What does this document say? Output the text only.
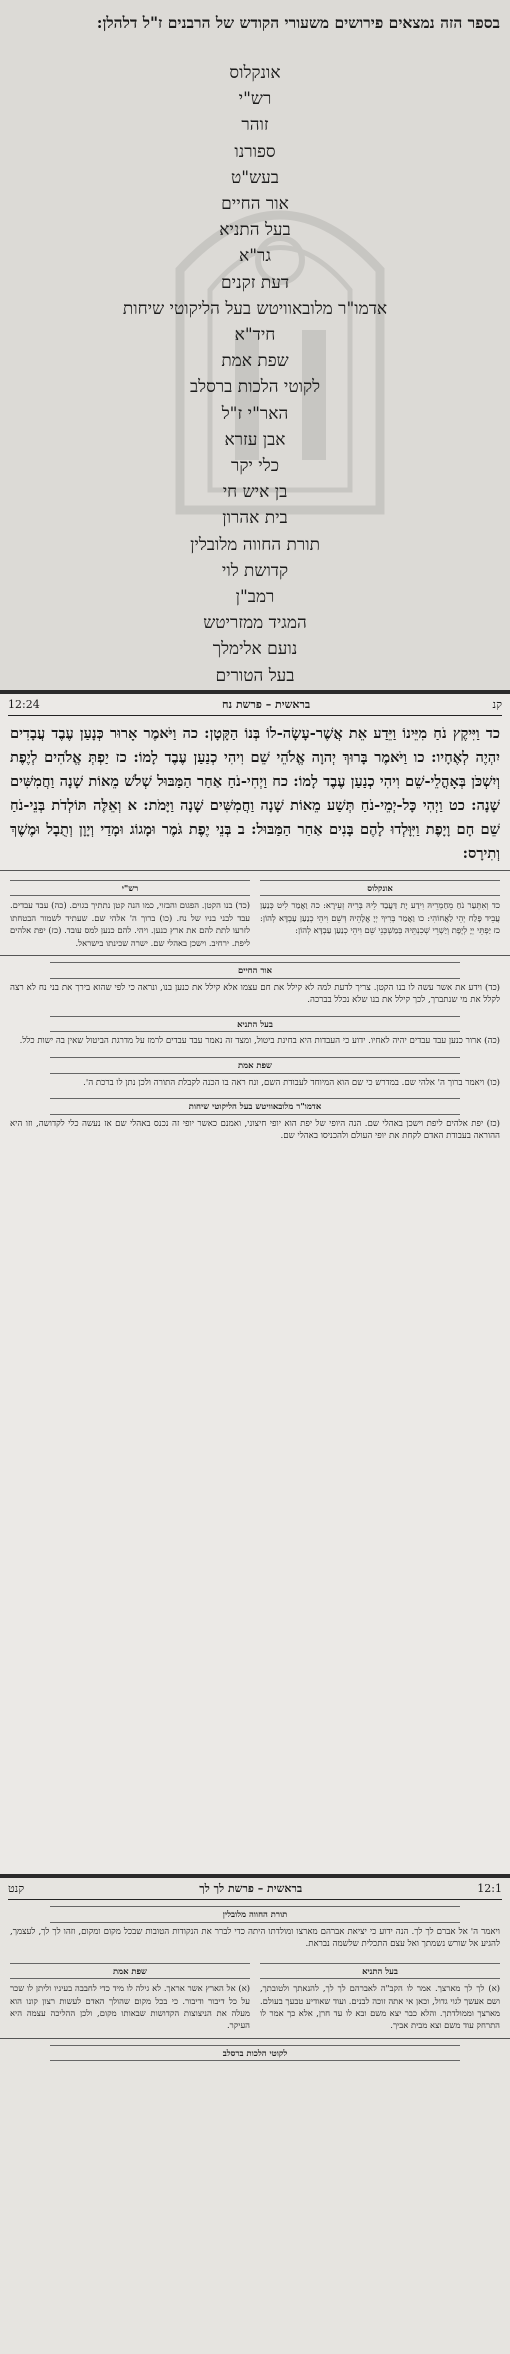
בספר הזה נמצאים פירושים משעורי הקודש של הרבנים ז"ל דלהלן:
אונקלוס
רש"י
זוהר
ספורנו
בעש"ט
אור החיים
בעל התניא
גר"א
דעת זקנים
אדמו"ר מלובאוויטש בעל הליקוטי שיחות
חיד"א
שפת אמת
לקוטי הלכות ברסלב
האר"י ז"ל
אבן עזרא
כלי יקר
בן איש חי
בית אהרון
תורת החווה מלובלין
קדושת לוי
רמב"ן
המגיד ממזריטש
נועם אלימלך
בעל הטורים
קנ
בראשית – פרשת נח
12:24
כד וַיִּיקֶץ נֹחַ מִיֵּינוֹ וַיֵּדַע אֵת אֲשֶׁר-עָשָׂה-לוֹ בְּנוֹ הַקָּטָן: כה וַיֹּאמֶר אָרוּר כְּנָעַן עֶבֶד עֲבָדִים יִהְיֶה לְאֶחָיו: כו וַיֹּאמֶר בָּרוּךְ יְהוָה אֱלֹהֵי שֵׁם וִיהִי כְנַעַן עֶבֶד לָמוֹ: כז יַפְתְּ אֱלֹהִים לְיֶפֶת וְיִשְׁכֹּן בְּאָהֳלֵי-שֵׁם וִיהִי כְנַעַן עֶבֶד לָמוֹ: כח וַיְחִי-נֹחַ אַחַר הַמַּבּוּל שְׁלֹשׁ מֵאוֹת שָׁנָה וַחֲמִשִּׁים שָׁנָה: כט וַיְהִי כָּל-יְמֵי-נֹחַ תְּשַׁע מֵאוֹת שָׁנָה וַחֲמִשִּׁים שָׁנָה וַיָּמֹת: א וְאֵלֶּה תּוֹלְדֹת בְּנֵי-נֹחַ שֵׁם חָם וָיָפֶת וַיִּוָּלְדוּ לָהֶם בָּנִים אַחַר הַמַּבּוּל: ב בְּנֵי יֶפֶת גֹּמֶר וּמָגוֹג וּמָדַי וְיָוָן וְתֻבָל וּמֶשֶׁךְ וְתִירָס:
אונקלוס

כד וְאִתְּעַר נֹחַ מֵחַמְרֵיהּ וִידַע יָת דַּעֲבַד לֵיהּ בְּרֵיהּ זְעֵירָא: כה וַאֲמַר לִיט כְּנַעַן עֲבֵיד פָּלַח יְהֵי לַאֲחוֹהִי: כו וַאֲמַר בְּרִיךְ יְיָ אֱלָהֵיהּ דְּשֵׁם וִיהֵי כְנַעַן עַבְדָּא לְהוֹן: כז יַפְתֵּי יְיָ לְיֶפֶת וְיַשְׁרֵי שְׁכִנְתֵּיהּ בְּמַשְׁכְּנֵי שֵׁם וִיהֵי כְנַעַן עַבְדָּא לְהוֹן:

רש"י

(כד) בנו הקטן. הפגום והבזוי, כמו הנה קטן נתתיך בגוים. (כה) עבד עבדים. עבד לבני בניו של נח. (כו) ברוך ה' אלהי שם. שעתיד לשמור הבטחתו לזרעו לתת להם את ארץ כנען. ויהי. להם כנען למס עובד. (כז) יפת אלהים ליפת. ירחיב. וישכן באהלי שם. ישרה שכינתו בישראל.

אור החיים

(כד) וידע את אשר עשה לו בנו הקטן. צריך לדעת למה לא קילל את חם עצמו אלא קילל את כנען בנו, ונראה כי לפי שהוא בירך את בני נח לא רצה לקלל את מי שנתברך, לכך קילל את בנו שלא נכלל בברכה.

בעל התניא

(כה) ארור כנען עבד עבדים יהיה לאחיו. ידוע כי העבדות היא בחינת ביטול, ומצד זה נאמר עבד עבדים לרמז על מדרגת הביטול שאין בה ישות כלל.

שפת אמת

(כו) ויאמר ברוך ה' אלהי שם. במדרש כי שם הוא המיוחד לעבודת השם, ונח ראה בו הכנה לקבלת התורה ולכן נתן לו ברכת ה'.

אדמו"ר מלובאוויטש בעל הליקוטי שיחות

(כז) יפת אלהים ליפת וישכן באהלי שם. הנה היופי של יפת הוא יופי חיצוני, ואמנם כאשר יופי זה נכנס באהלי שם אז נעשה כלי לקדושה, וזו היא ההוראה בעבודת האדם לקחת את יופי העולם ולהכניסו באהלי שם.

12:1
בראשית – פרשת לך לך
קנט
תורת החווה מלובלין

ויאמר ה' אל אברם לך לך. הנה ידוע כי יציאת אברהם מארצו ומולדתו היתה כדי לברר את הנקודות הטובות שבכל מקום ומקום, וזהו לך לך, לעצמך, להגיע אל שורש נשמתך ואל עצם התכלית שלשמה נבראת.

בעל התניא

(א) לך לך מארצך. אמר לו הקב"ה לאברהם לך לך, להנאתך ולטובתך, ושם אעשך לגוי גדול, וכאן אי אתה זוכה לבנים. ועוד שאודיע טבעך בעולם. מארצך וממולדתך. והלא כבר יצא משם ובא לו עד חרן, אלא כך אמר לו התרחק עוד משם וצא מבית אביך.

שפת אמת

(א) אל הארץ אשר אראך. לא גילה לו מיד כדי לחבבה בעיניו וליתן לו שכר על כל דיבור ודיבור. כי בכל מקום שהולך האדם לעשות רצון קונו הוא מעלה את הניצוצות הקדושות שבאותו מקום, ולכן ההליכה עצמה היא העיקר.

לקוטי הלכות ברסלב
